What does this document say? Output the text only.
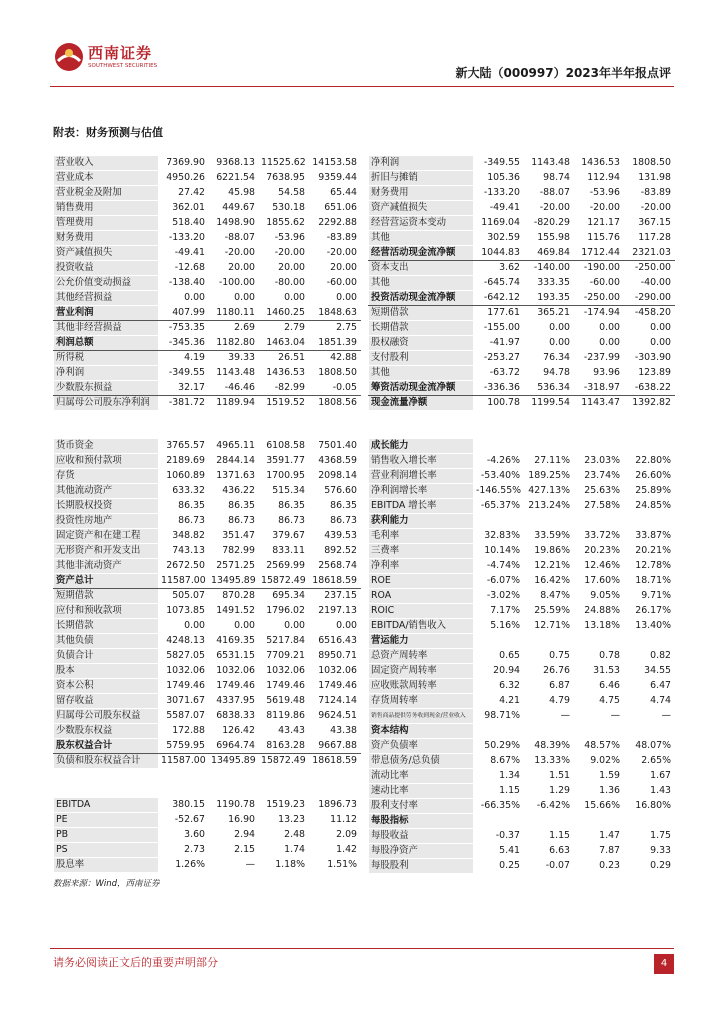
西南证券
SOUTHWEST SECURITIES	新大陆（000997）2023年半年报点评
附表：财务预测与估值
利润表（百万元）	2022A	2023E	2024E	2025E
营业收入	7369.90	9368.13	11525.62	14153.58
营业成本	4950.26	6221.54	7638.95	9359.44
营业税金及附加	27.42	45.98	54.58	65.44
销售费用	362.01	449.67	530.18	651.06
管理费用	518.40	1498.90	1855.62	2292.88
财务费用	-133.20	-88.07	-53.96	-83.89
资产减值损失	-49.41	-20.00	-20.00	-20.00
投资收益	-12.68	20.00	20.00	20.00
公允价值变动损益	-138.40	-100.00	-80.00	-60.00
其他经营损益	0.00	0.00	0.00	0.00
营业利润	407.99	1180.11	1460.25	1848.63
其他非经营损益	-753.35	2.69	2.79	2.75
利润总额	-345.36	1182.80	1463.04	1851.39
所得税	4.19	39.33	26.51	42.88
净利润	-349.55	1143.48	1436.53	1808.50
少数股东损益	32.17	-46.46	-82.99	-0.05
归属母公司股东净利润	-381.72	1189.94	1519.52	1808.56
现金流量表（百万元）	2022A	2023E	2024E	2025E
净利润	-349.55	1143.48	1436.53	1808.50
折旧与摊销	105.36	98.74	112.94	131.98
财务费用	-133.20	-88.07	-53.96	-83.89
资产减值损失	-49.41	-20.00	-20.00	-20.00
经营营运资本变动	1169.04	-820.29	121.17	367.15
其他	302.59	155.98	115.76	117.28
经营活动现金流净额	1044.83	469.84	1712.44	2321.03
资本支出	3.62	-140.00	-190.00	-250.00
其他	-645.74	333.35	-60.00	-40.00
投资活动现金流净额	-642.12	193.35	-250.00	-290.00
短期借款	177.61	365.21	-174.94	-458.20
长期借款	-155.00	0.00	0.00	0.00
股权融资	-41.97	0.00	0.00	0.00
支付股利	-253.27	76.34	-237.99	-303.90
其他	-63.72	94.78	93.96	123.89
筹资活动现金流净额	-336.36	536.34	-318.97	-638.22
现金流量净额	100.78	1199.54	1143.47	1392.82
资产负债表（百万元）	2022A	2023E	2024E	2025E
货币资金	3765.57	4965.11	6108.58	7501.40
应收和预付款项	2189.69	2844.14	3591.77	4368.59
存货	1060.89	1371.63	1700.95	2098.14
其他流动资产	633.32	436.22	515.34	576.60
长期股权投资	86.35	86.35	86.35	86.35
投资性房地产	86.73	86.73	86.73	86.73
固定资产和在建工程	348.82	351.47	379.67	439.53
无形资产和开发支出	743.13	782.99	833.11	892.52
其他非流动资产	2672.50	2571.25	2569.99	2568.74
资产总计	11587.00	13495.89	15872.49	18618.59
短期借款	505.07	870.28	695.34	237.15
应付和预收款项	1073.85	1491.52	1796.02	2197.13
长期借款	0.00	0.00	0.00	0.00
其他负债	4248.13	4169.35	5217.84	6516.43
负债合计	5827.05	6531.15	7709.21	8950.71
股本	1032.06	1032.06	1032.06	1032.06
资本公积	1749.46	1749.46	1749.46	1749.46
留存收益	3071.67	4337.95	5619.48	7124.14
归属母公司股东权益	5587.07	6838.33	8119.86	9624.51
少数股东权益	172.88	126.42	43.43	43.38
股东权益合计	5759.95	6964.74	8163.28	9667.88
负债和股东权益合计	11587.00	13495.89	15872.49	18618.59
财务分析指标	2022A	2023E	2024E	2025E
成长能力				
销售收入增长率	-4.26%	27.11%	23.03%	22.80%
营业利润增长率	-53.40%	189.25%	23.74%	26.60%
净利润增长率	-146.55%	427.13%	25.63%	25.89%
EBITDA 增长率	-65.37%	213.24%	27.58%	24.85%
获利能力				
毛利率	32.83%	33.59%	33.72%	33.87%
三费率	10.14%	19.86%	20.23%	20.21%
净利率	-4.74%	12.21%	12.46%	12.78%
ROE	-6.07%	16.42%	17.60%	18.71%
ROA	-3.02%	8.47%	9.05%	9.71%
ROIC	7.17%	25.59%	24.88%	26.17%
EBITDA/销售收入	5.16%	12.71%	13.18%	13.40%
营运能力				
总资产周转率	0.65	0.75	0.78	0.82
固定资产周转率	20.94	26.76	31.53	34.55
应收账款周转率	6.32	6.87	6.46	6.47
存货周转率	4.21	4.79	4.75	4.74
销售商品提供劳务收到现金/营业收入	98.71%	—	—	—
资本结构				
资产负债率	50.29%	48.39%	48.57%	48.07%
带息债务/总负债	8.67%	13.33%	9.02%	2.65%
流动比率	1.34	1.51	1.59	1.67
速动比率	1.15	1.29	1.36	1.43
股利支付率	-66.35%	-6.42%	15.66%	16.80%
每股指标				
每股收益	-0.37	1.15	1.47	1.75
每股净资产	5.41	6.63	7.87	9.33
每股股利	0.25	-0.07	0.23	0.29
业绩和估值指标	2022A	2023E	2024E	2025E
EBITDA	380.15	1190.78	1519.23	1896.73
PE	-52.67	16.90	13.23	11.12
PB	3.60	2.94	2.48	2.09
PS	2.73	2.15	1.74	1.42
股息率	1.26%	—	1.18%	1.51%
数据来源：Wind，西南证券
请务必阅读正文后的重要声明部分	4
